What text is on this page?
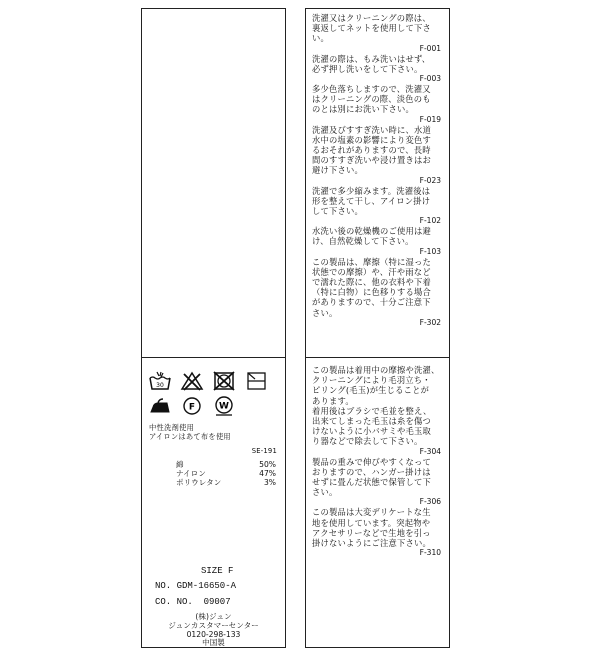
30
F	W
中性洗剤使用
アイロンはあて布を使用
SE-191
綿	50%
ナイロン	47%
ポリウレタン	3%
SIZE F
NO. GDM-16650-A
CO. NO.  09007
(株)ジュン
ジュンカスタマーセンター
0120-298-133
中国製
洗濯又はクリーニングの際は、
裏返してネットを使用して下さ
い。
F-001
洗濯の際は、もみ洗いはせず、
必ず押し洗いをして下さい。
F-003
多少色落ちしますので、洗濯又
はクリーニングの際、淡色のも
のとは別にお洗い下さい。
F-019
洗濯及びすすぎ洗い時に、水道
水中の塩素の影響により変色す
るおそれがありますので、長時
間のすすぎ洗いや浸け置きはお
避け下さい。
F-023
洗濯で多少縮みます。洗濯後は
形を整えて干し、アイロン掛け
して下さい。
F-102
水洗い後の乾燥機のご使用は避
け、自然乾燥して下さい。
F-103
この製品は、摩擦（特に湿った
状態での摩擦）や、汗や雨など
で濡れた際に、他の衣料や下着
（特に白物）に色移りする場合
がありますので、十分ご注意下
さい。
F-302
この製品は着用中の摩擦や洗濯、
クリーニングにより毛羽立ち・
ピリング(毛玉)が生じることが
あります。
着用後はブラシで毛並を整え、
出来てしまった毛玉は糸を傷つ
けないように小バサミや毛玉取
り器などで除去して下さい。
F-304
製品の重みで伸びやすくなって
おりますので、ハンガー掛けは
せずに畳んだ状態で保管して下
さい。
F-306
この製品は大変デリケートな生
地を使用しています。突起物や
アクセサリーなどで生地を引っ
掛けないようにご注意下さい。
F-310
